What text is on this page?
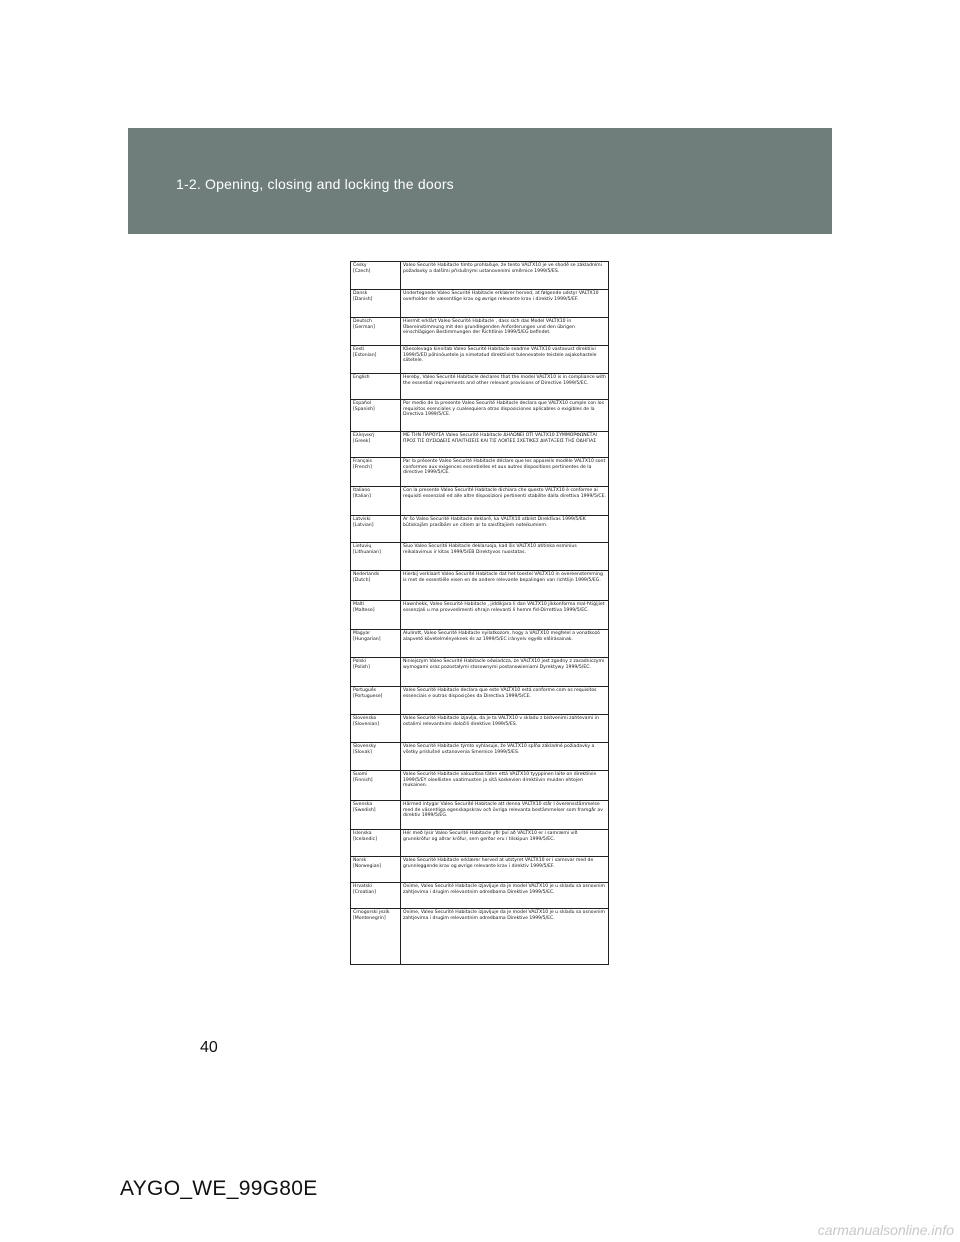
1-2. Opening, closing and locking the doors
Česky
[Czech]	Valeo Securité Habitacle tímto prohlašuje, že tento VALTX10 je ve shodě se základními požadavky a dalšími příslušnými ustanoveními směrnice 1999/5/ES.

Dansk
[Danish]	Undertegnede Valeo Securité Habitacle erklærer herved, at følgende udstyr VALTX10 overholder de væsentlige krav og øvrige relevante krav i direktiv 1999/5/EF.

Deutsch
[German]	Hiermit erklärt Valeo Securité Habitacle , dass sich das Model VALTX10 in Übereinstimmung mit den grundlegenden Anforderungen und den übrigen einschlägigen Bestimmungen der Richtlinie 1999/5/EG befindet.

Eesti
[Estonian]	Käesolevaga kinnitab Valeo Securité Habitacle seadme VALTX10 vastavust direktiivi 1999/5/EÜ põhinõuetele ja nimetatud direktiivist tulenevatele teistele asjakohastele sätetele.

English	Hereby, Valeo Securité Habitacle declares that the model VALTX10 is in compliance with the essential requirements and other relevant provisions of Directive 1999/5/EC.

Español
[Spanish]	Por medio de la presente Valeo Securité Habitacle declara que VALTX10 cumple con los requisitos esenciales y cualesquiera otras disposiciones aplicables o exigibles de la Directiva 1999/5/CE.

Ελληνική
[Greek]	ΜΕ ΤΗΝ ΠΑΡΟΥΣΑ Valeo Securité Habitacle ΔΗΛΩΝΕΙ ΟΤΙ VALTX10 ΣΥΜΜΟΡΦΩΝΕΤΑΙ ΠΡΟΣ ΤΙΣ ΟΥΣΙΩΔΕΙΣ ΑΠΑΙΤΗΣΕΙΣ ΚΑΙ ΤΙΣ ΛΟΙΠΕΣ ΣΧΕΤΙΚΕΣ ΔΙΑΤΑΞΕΙΣ ΤΗΣ ΟΔΗΓΙΑΣ

Français
[French]	Par la présente Valeo Securité Habitacle déclare que les appareils modèle VALTX10 sont conformes aux exigences essentielles et aux autres dispositions pertinentes de la directive 1999/5/CE.

Italiano
[Italian]	Con la presente Valeo Securité Habitacle dichiara che questo VALTX10 è conforme ai requisiti essenziali ed alle altre disposizioni pertinenti stabilite dalla direttiva 1999/5/CE.

Latviski
[Latvian]	Ar šo Valeo Securité Habitacle deklarē, ka VALTX10 atbilst Direktīvas 1999/5/EK būtiskajām prasībām un citiem ar to saistītajiem noteikumiem.

Lietuvių
[Lithuanian]	Šiuo Valeo Securité Habitacle deklaruoja, kad šis VALTX10 atitinka esminius reikalavimus ir kitas 1999/5/EB Direktyvos nuostatas.

Nederlands
[Dutch]	Hierbij verklaart Valeo Securité Habitacle dat het toestel VALTX10 in overeenstemming is met de essentiële eisen en de andere relevante bepalingen van richtlijn 1999/5/EG.

Malti
[Maltese]	Hawnhekk, Valeo Securité Habitacle , jiddikjara li dan VALTX10 jikkonforma mal-ħtiġijiet essenzjali u ma provvedimenti oħrajn relevanti li hemm fid-Dirrettiva 1999/5/EC.

Magyar
[Hungarian]	Alulírott, Valeo Securité Habitacle nyilatkozom, hogy a VALTX10 megfelel a vonatkozó alapvető követelményeknek és az 1999/5/EC irányelv egyéb előírásainak.

Polski
[Polish]	Niniejszym Valeo Securité Habitacle oświadcza, że VALTX10 jest zgodny z zasadniczymi wymogami oraz pozostałymi stosownymi postanowieniami Dyrektywy 1999/5/EC.

Português
[Portuguese]	Valeo Securité Habitacle declara que este VALTX10 está conforme com os requisitos essenciais e outras disposições da Directiva 1999/5/CE.

Slovensko
[Slovenian]	Valeo Securité Habitacle izjavlja, da je ta VALTX10 v skladu z bistvenimi zahtevami in ostalimi relevantnimi določili direktive 1999/5/ES.

Slovensky
[Slovak]	Valeo Securité Habitacle týmto vyhlasuje, že VALTX10 spĺňa základné požiadavky a všetky príslušné ustanovenia Smernice 1999/5/ES.

Suomi
[Finnish]	Valeo Securité Habitacle vakuuttaa täten että VALTX10 tyyppinen laite on direktiivin 1999/5/EY oleellisten vaatimusten ja sitä koskevien direktiivin muiden ehtojen mukainen.

Svenska
[Swedish]	Härmed intygar Valeo Securité Habitacle att denna VALTX10 står I överensstämmelse med de väsentliga egenskapskrav och övriga relevanta bestämmelser som framgår av direktiv 1999/5/EG.

Íslenska
[Icelandic]	Hér með lýsir Valeo Securité Habitacle yfir því að VALTX10 er í samræmi við grunnkröfur og aðrar kröfur, sem gerðar eru í tilskipun 1999/5/EC.

Norsk
[Norwegian]	Valeo Securité Habitacle erklærer herved at utstyret VALTX10 er i samsvar med de grunnleggende krav og øvrige relevante krav i direktiv 1999/5/EF.

Hrvatski
[Croatian]	Ovime, Valeo Securité Habitacle izjavljuje da je model VALTX10 je u skladu sa osnovnim zahtjevima i drugim relevantnim odredbama Direktive 1999/5/EC.

Crnogorski jezik
[Montenegrin]	Ovime, Valeo Securité Habitacle izjavljuje da je model VALTX10 je u skladu sa osnovnim zahtjevima i drugim relevantnim odredbama Direktive 1999/5/EC.
40
AYGO_WE_99G80E
carmanualsonline.info
